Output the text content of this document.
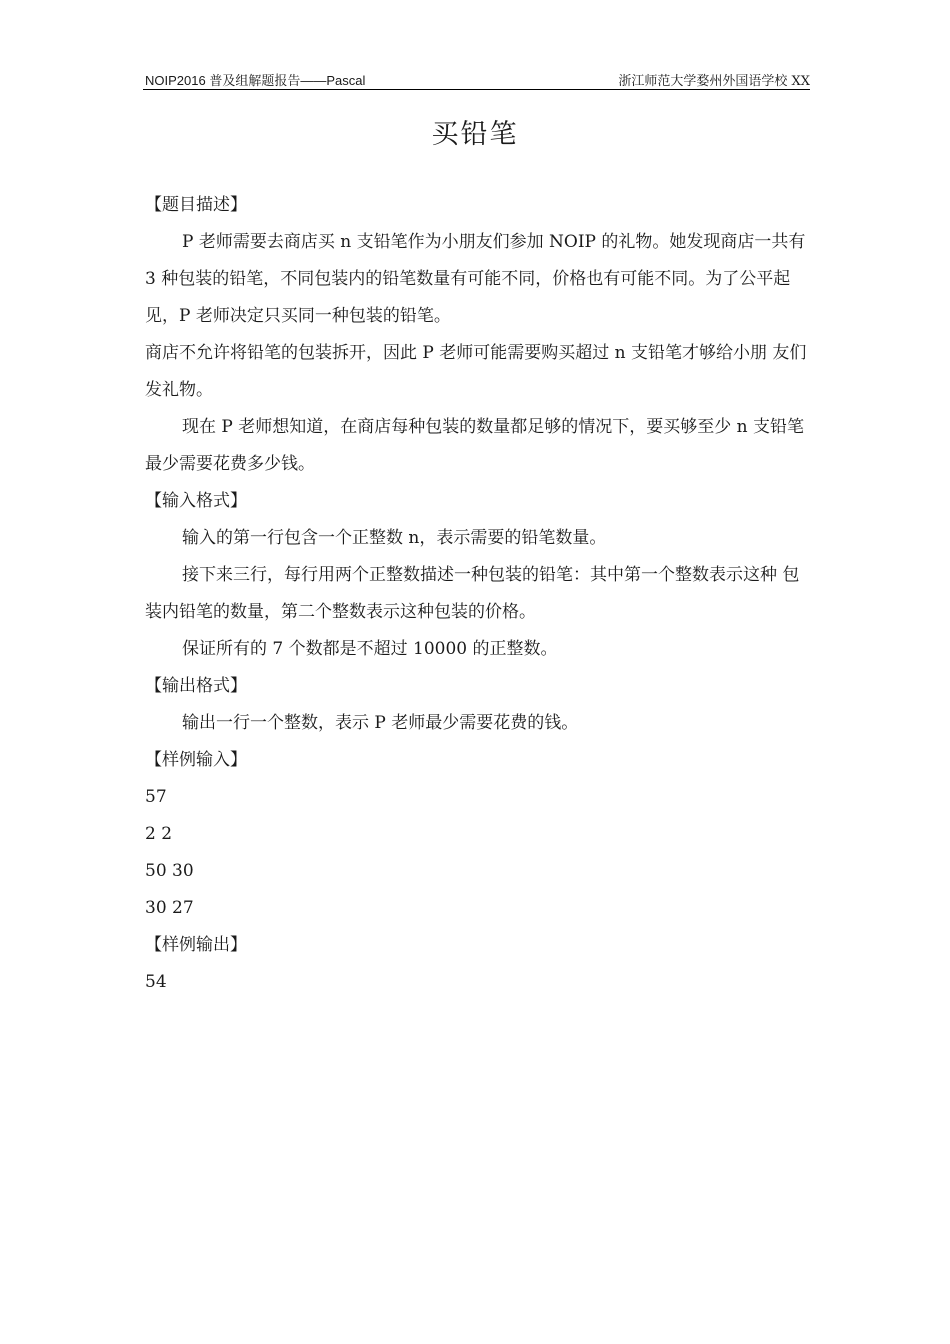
NOIP2016 普及组解题报告——Pascal	浙江师范大学婺州外国语学校 XX
买铅笔

【题目描述】

P 老师需要去商店买 n 支铅笔作为小朋友们参加 NOIP 的礼物。她发现商店一共有 3 种包装的铅笔，不同包装内的铅笔数量有可能不同，价格也有可能不同。为了公平起 见，P 老师决定只买同一种包装的铅笔。

商店不允许将铅笔的包装拆开，因此 P 老师可能需要购买超过 n 支铅笔才够给小朋 友们发礼物。

现在 P 老师想知道，在商店每种包装的数量都足够的情况下，要买够至少 n 支铅笔最少需要花费多少钱。

【输入格式】

输入的第一行包含一个正整数 n，表示需要的铅笔数量。

接下来三行，每行用两个正整数描述一种包装的铅笔：其中第一个整数表示这种 包装内铅笔的数量，第二个整数表示这种包装的价格。

保证所有的 7 个数都是不超过 10000 的正整数。

【输出格式】

输出一行一个整数，表示 P 老师最少需要花费的钱。

【样例输入】

57

2 2

50 30

30 27

【样例输出】

54
